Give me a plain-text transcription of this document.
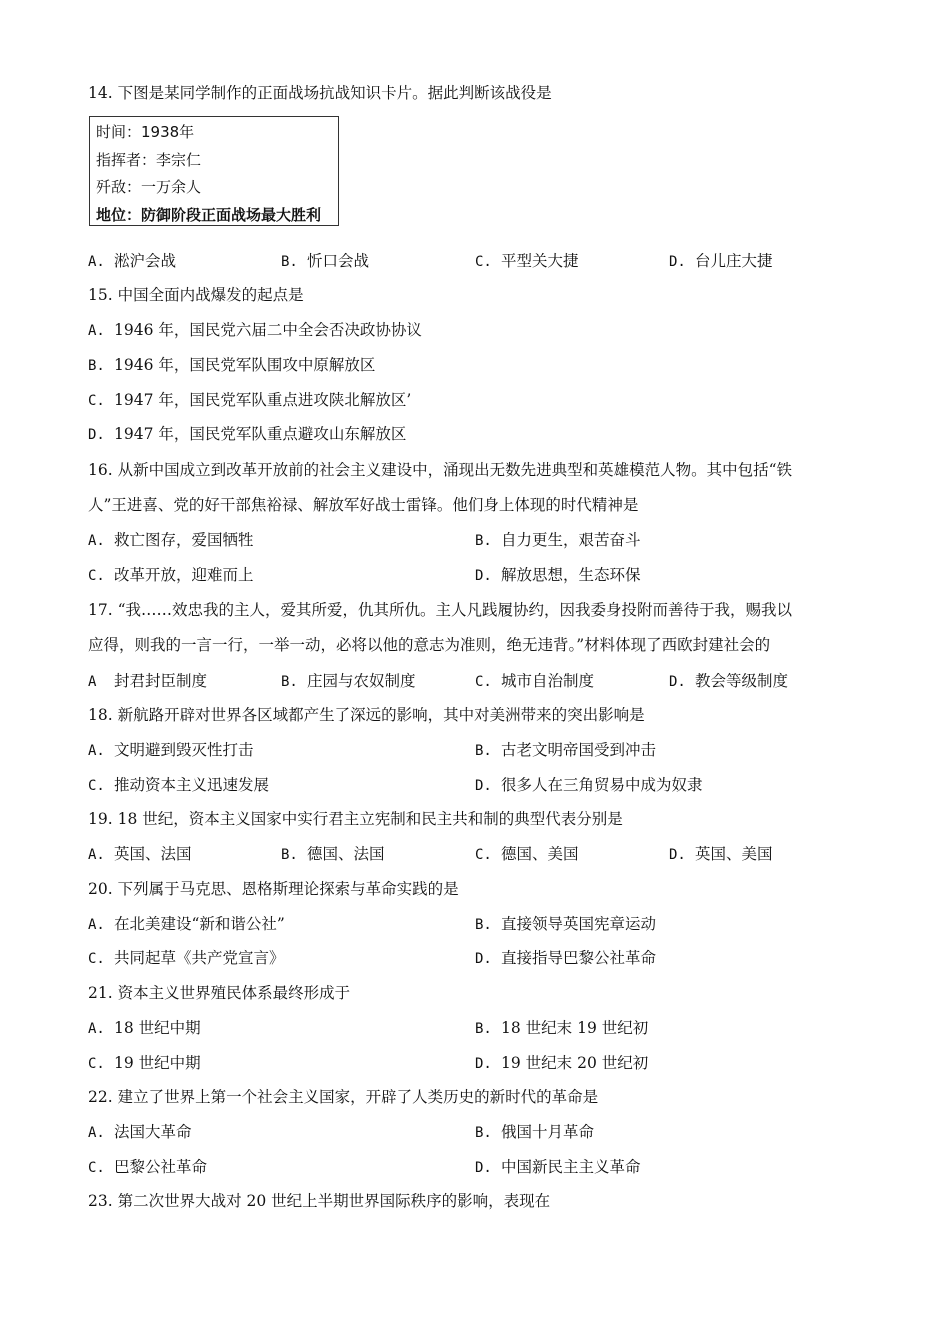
14. 下图是某同学制作的正面战场抗战知识卡片。据此判断该战役是
时间：1938年
指挥者：李宗仁
歼敌：一万余人
地位：防御阶段正面战场最大胜利
A. 淞沪会战	B. 忻口会战	C. 平型关大捷	D. 台儿庄大捷
15. 中国全面内战爆发的起点是
A. 1946 年，国民党六届二中全会否决政协协议
B. 1946 年，国民党军队围攻中原解放区
C. 1947 年，国民党军队重点进攻陕北解放区’
D. 1947 年，国民党军队重点避攻山东解放区
16. 从新中国成立到改革开放前的社会主义建设中，涌现出无数先进典型和英雄模范人物。其中包括“铁
人”王进喜、党的好干部焦裕禄、解放军好战士雷锋。他们身上体现的时代精神是
A. 救亡图存，爱国牺牲	B. 自力更生，艰苦奋斗
C. 改革开放，迎难而上	D. 解放思想，生态环保
17. “我……效忠我的主人，爱其所爱，仇其所仇。主人凡践履协约，因我委身投附而善待于我，赐我以
应得，则我的一言一行，一举一动，必将以他的意志为准则，绝无违背。”材料体现了西欧封建社会的
A 封君封臣制度	B. 庄园与农奴制度	C. 城市自治制度	D. 教会等级制度
18. 新航路开辟对世界各区域都产生了深远的影响，其中对美洲带来的突出影响是
A. 文明避到毁灭性打击	B. 古老文明帝国受到冲击
C. 推动资本主义迅速发展	D. 很多人在三角贸易中成为奴隶
19. 18 世纪，资本主义国家中实行君主立宪制和民主共和制的典型代表分别是
A. 英国、法国	B. 德国、法国	C. 德国、美国	D. 英国、美国
20. 下列属于马克思、恩格斯理论探索与革命实践的是
A. 在北美建设“新和谐公社”	B. 直接领导英国宪章运动
C. 共同起草《共产党宣言》	D. 直接指导巴黎公社革命
21. 资本主义世界殖民体系最终形成于
A. 18 世纪中期	B. 18 世纪末 19 世纪初
C. 19 世纪中期	D. 19 世纪末 20 世纪初
22. 建立了世界上第一个社会主义国家，开辟了人类历史的新时代的革命是
A. 法国大革命	B. 俄国十月革命
C. 巴黎公社革命	D. 中国新民主主义革命
23. 第二次世界大战对 20 世纪上半期世界国际秩序的影响，表现在
